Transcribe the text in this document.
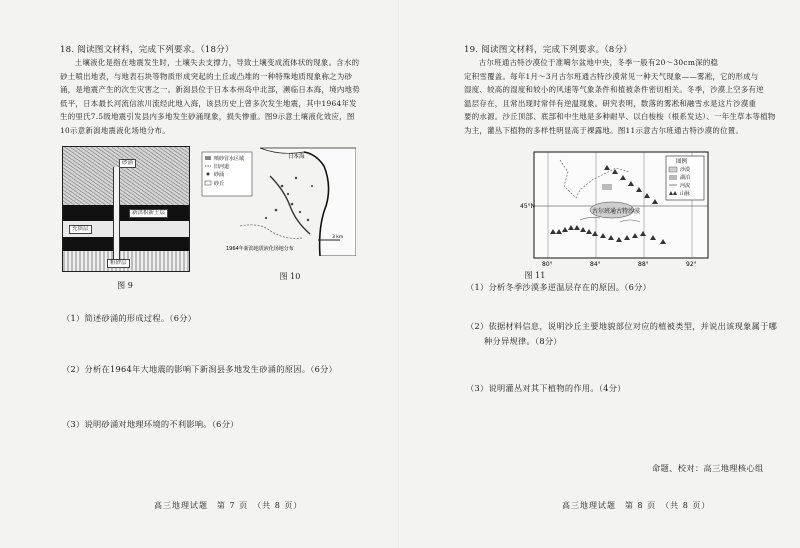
18. 阅读图文材料，完成下列要求。（18分）
土壤液化是指在地震发生时，土壤失去支撑力，导致土壤变成流体状的现象。含水的
砂土喷出地表，与地表石块等物质形成突起的土丘或凸堆的一种特殊地质现象称之为砂
涌，是地震产生的次生灾害之一。新潟县位于日本本州岛中北部，濒临日本海，境内地势
低平，日本最长河流信浓川流经此地入海，该县历史上曾多次发生地震，其中1964年发
生的里氏7.5级地震引发县内多地发生砂涌现象，损失惨重。图9示意土壤液化效应，图
10示意新潟地震液化场地分布。
砂涌
新洪积新土层
充填层
粗砂层
图 9
喷砂冒水区域
旧河道
砂涌
砂丘
日本海
3 km
1964年新潟地震液化场地分布
图 10
（1）简述砂涌的形成过程。（6分）
（2）分析在1964年大地震的影响下新潟县多地发生砂涌的原因。（6分）
（3）说明砂涌对地理环境的不利影响。（6分）
高三地理试题　第 7 页　（共 8 页）
19. 阅读图文材料，完成下列要求。（8分）
古尔班通古特沙漠位于准噶尔盆地中央，冬季一般有20～30cm深的稳
定积雪覆盖。每年1月～3月古尔班通古特沙漠常见一种天气现象——雾凇，它的形成与
湿度、较高的湿度和较小的风速等气象条件和植被条件密切相关。冬季，沙漠上空多有逆
温层存在，且常出现时常伴有逆温现象。研究表明，数落的雾凇和融雪水是这片沙漠重
要的水源。沙丘顶部、底部和中生地是多种耐旱、以白梭梭（根系发达）、一年生草本等植物
为主，灌丛下植物的多样性明显高于裸露地。图11示意古尔班通古特沙漠的位置。
图 11
（1）分析冬季沙漠多逆温层存在的原因。（6分）
（2）依据材料信息，说明沙丘主要地貌部位对应的植被类型，并说出该现象属于哪
种分异规律。（8分）
（3）说明灌丛对其下植物的作用。（4分）
命题、校对：高三地理核心组
高三地理试题　第 8 页　（共 8 页）
古尔班通古特沙漠
45°N
80°	84°	88°	92°
图例
沙漠
湖泊
河流
山脉
